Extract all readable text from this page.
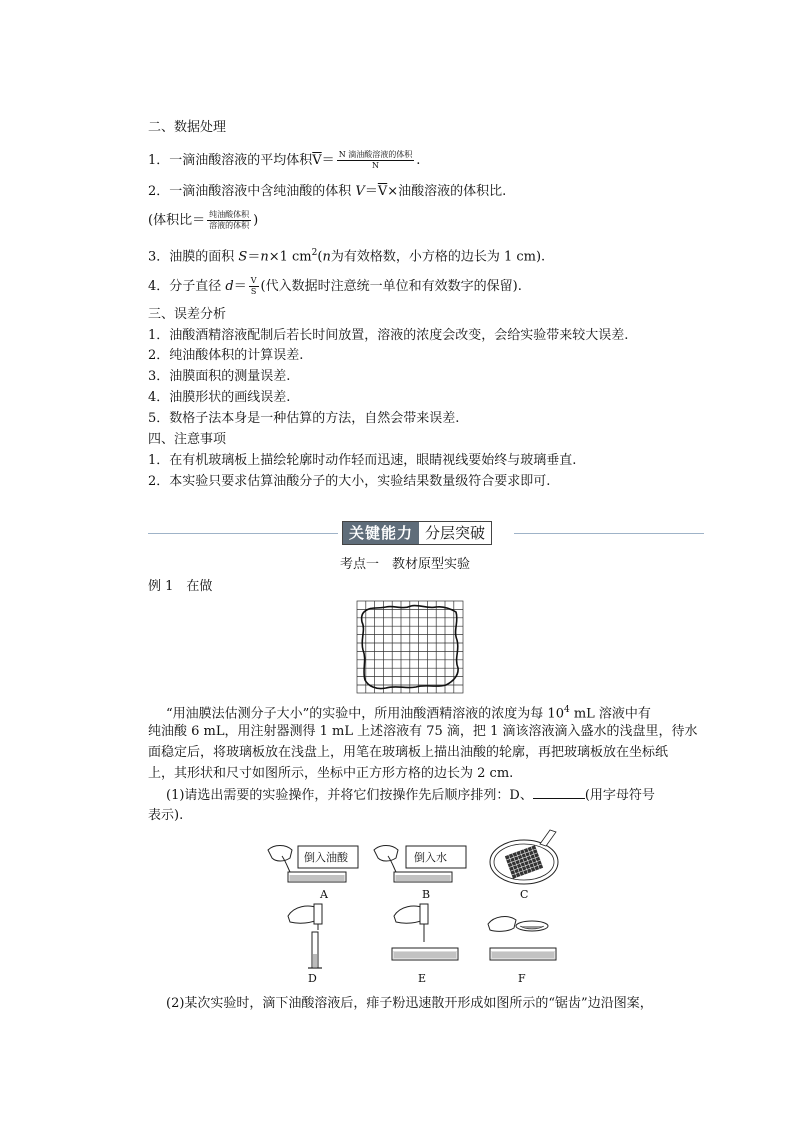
二、数据处理
1．一滴油酸溶液的平均体积$\overline{V}= \frac{\text{N 滴油酸溶液的体积}}{N}$ .
2．一滴油酸溶液中含纯油酸的体积 $V=\overline{V}\times$油酸溶液的体积比.
(体积比＝ $\frac{\text{纯油酸体积}}{\text{溶液的体积}}$ )
3．油膜的面积 S＝n×1 $cm^2(n$为有效格数，小方格的边长为 1 cm).
4．分子直径 $d= \frac{V}{S}$ (代入数据时注意统一单位和有效数字的保留).
三、误差分析
1．油酸酒精溶液配制后若长时间放置，溶液的浓度会改变，会给实验带来较大误差.
2．纯油酸体积的计算误差.
3．油膜面积的测量误差.
4．油膜形状的画线误差.
5．数格子法本身是一种估算的方法，自然会带来误差.
四、注意事项
1．在有机玻璃板上描绘轮廓时动作轻而迅速，眼睛视线要始终与玻璃垂直.
2．本实验只要求估算油酸分子的大小，实验结果数量级符合要求即可.
关键能力 分层突破
考点一　教材原型实验
例 1　在做
“用油膜法估测分子大小”的实验中，所用油酸酒精溶液的浓度为每 $10^4$ mL 溶液中有
纯油酸 6 mL，用注射器测得 1 mL 上述溶液有 75 滴，把 1 滴该溶液滴入盛水的浅盘里，待水
面稳定后，将玻璃板放在浅盘上，用笔在玻璃板上描出油酸的轮廓，再把玻璃板放在坐标纸
上，其形状和尺寸如图所示，坐标中正方形方格的边长为 2 cm.
(1)请选出需要的实验操作，并将它们按操作先后顺序排列：D、	(用字母符号
表示).
倒入油酸
A
倒入水
B	C
D	E	F
(2)某次实验时，滴下油酸溶液后，痱子粉迅速散开形成如图所示的“锯齿”边沿图案，
